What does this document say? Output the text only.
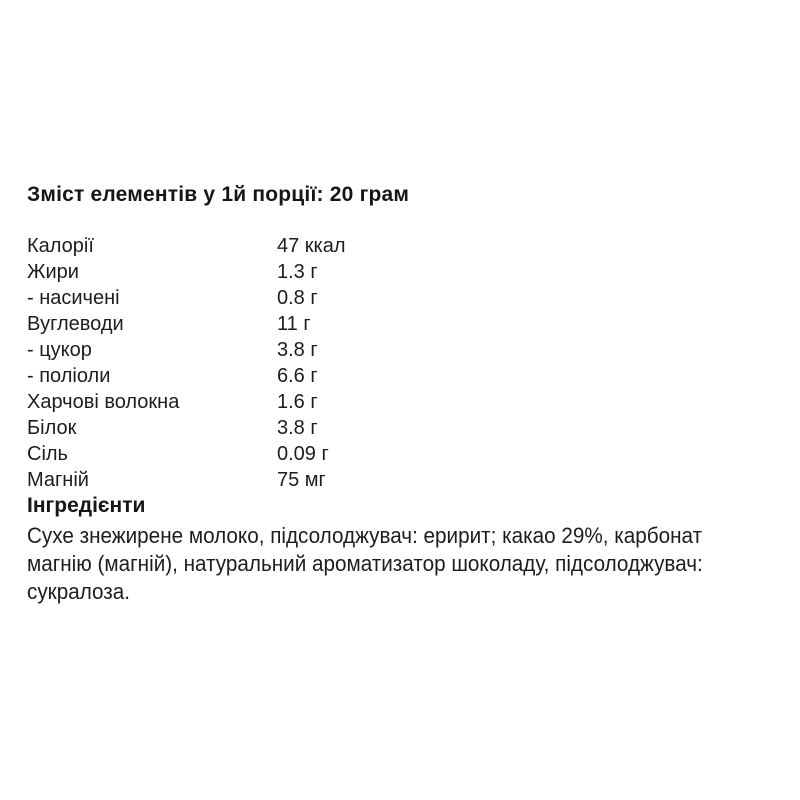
Зміст елементів у 1й порції: 20 грам
Калорії	47 ккал
Жири	1.3 г
- насичені	0.8 г
Вуглеводи	11 г
- цукор	3.8 г
- поліоли	6.6 г
Харчові волокна	1.6 г
Білок	3.8 г
Сіль	0.09 г
Магній	75 мг
Інгредієнти
Сухе знежирене молоко, підсолоджувач: еририт; какао 29%, карбонат
магнію (магній), натуральний ароматизатор шоколаду, підсолоджувач:
сукралоза.
